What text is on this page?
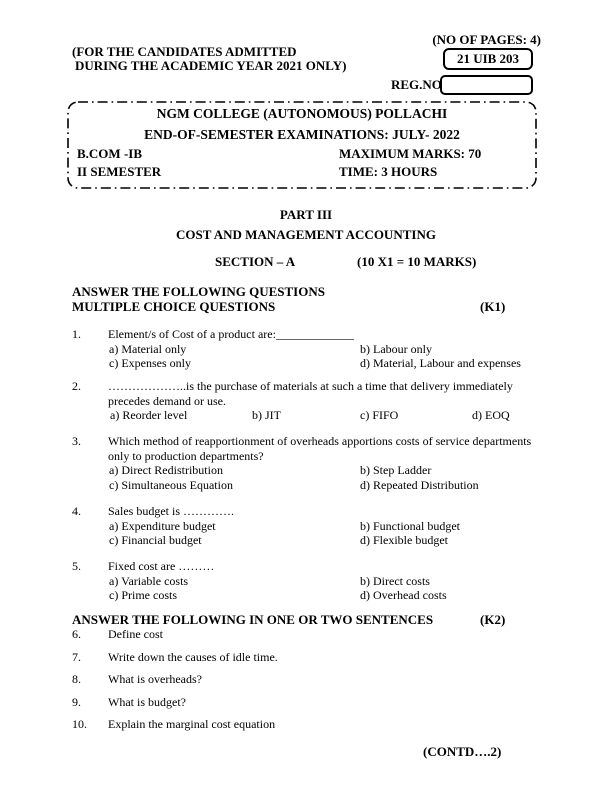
(NO OF PAGES: 4)
(FOR THE CANDIDATES ADMITTED
DURING THE ACADEMIC YEAR 2021 ONLY)	21 UIB 203
REG.NO
NGM COLLEGE (AUTONOMOUS) POLLACHI
END-OF-SEMESTER EXAMINATIONS: JULY- 2022
B.COM -IB	MAXIMUM MARKS: 70
II SEMESTER	TIME: 3 HOURS
PART III
COST AND MANAGEMENT ACCOUNTING
SECTION – A	(10 X1 = 10 MARKS)
ANSWER THE FOLLOWING QUESTIONS
MULTIPLE CHOICE QUESTIONS	(K1)
1. Element/s of Cost of a product are:_____________
a) Material only	b) Labour only
c) Expenses only	d) Material, Labour and expenses
2. ………………..is the purchase of materials at such a time that delivery immediately
precedes demand or use.
a) Reorder level	b) JIT	c) FIFO	d) EOQ
3. Which method of reapportionment of overheads apportions costs of service departments
only to production departments?
a) Direct Redistribution	b) Step Ladder
c) Simultaneous Equation	d) Repeated Distribution
4. Sales budget is ………….
a) Expenditure budget	b) Functional budget
c) Financial budget	d) Flexible budget
5. Fixed cost are ………
a) Variable costs	b) Direct costs
c) Prime costs	d) Overhead costs
ANSWER THE FOLLOWING IN ONE OR TWO SENTENCES	(K2)
6. Define cost
7. Write down the causes of idle time.
8. What is overheads?
9. What is budget?
10. Explain the marginal cost equation
(CONTD….2)
